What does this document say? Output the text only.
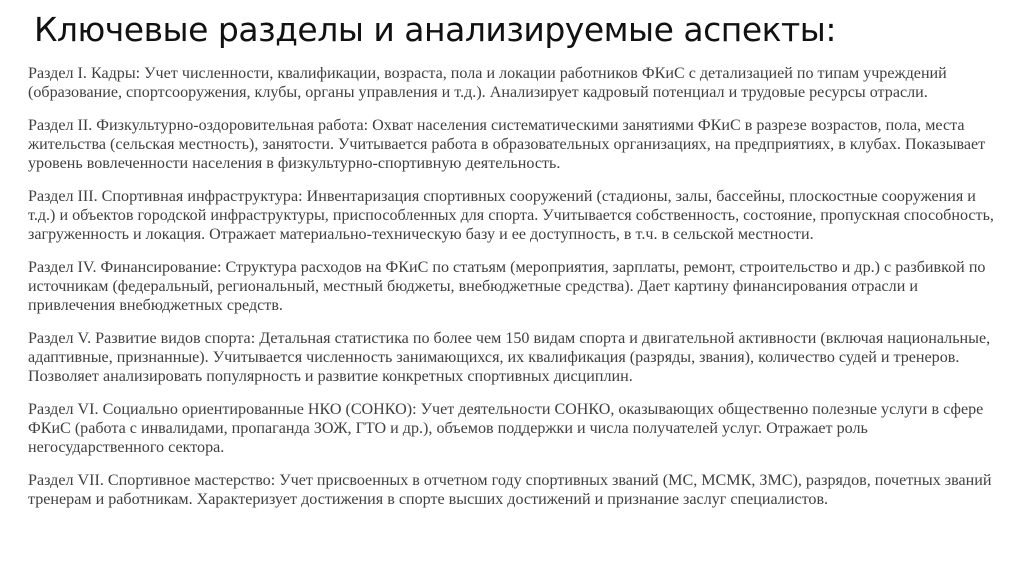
Ключевые разделы и анализируемые аспекты:

Раздел I. Кадры: Учет численности, квалификации, возраста, пола и локации работников ФКиС с детализацией по типам учреждений (образование, спортсооружения, клубы, органы управления и т.д.). Анализирует кадровый потенциал и трудовые ресурсы отрасли.

Раздел II. Физкультурно-оздоровительная работа: Охват населения систематическими занятиями ФКиС в разрезе возрастов, пола, места жительства (сельская местность), занятости. Учитывается работа в образовательных организациях, на предприятиях, в клубах. Показывает уровень вовлеченности населения в физкультурно-спортивную деятельность.

Раздел III. Спортивная инфраструктура: Инвентаризация спортивных сооружений (стадионы, залы, бассейны, плоскостные сооружения и т.д.) и объектов городской инфраструктуры, приспособленных для спорта. Учитывается собственность, состояние, пропускная способность, загруженность и локация. Отражает материально-техническую базу и ее доступность, в т.ч. в сельской местности.

Раздел IV. Финансирование: Структура расходов на ФКиС по статьям (мероприятия, зарплаты, ремонт, строительство и др.) с разбивкой по источникам (федеральный, региональный, местный бюджеты, внебюджетные средства). Дает картину финансирования отрасли и привлечения внебюджетных средств.

Раздел V. Развитие видов спорта: Детальная статистика по более чем 150 видам спорта и двигательной активности (включая национальные, адаптивные, признанные). Учитывается численность занимающихся, их квалификация (разряды, звания), количество судей и тренеров. Позволяет анализировать популярность и развитие конкретных спортивных дисциплин.

Раздел VI. Социально ориентированные НКО (СОНКО): Учет деятельности СОНКО, оказывающих общественно полезные услуги в сфере ФКиС (работа с инвалидами, пропаганда ЗОЖ, ГТО и др.), объемов поддержки и числа получателей услуг. Отражает роль негосударственного сектора.

Раздел VII. Спортивное мастерство: Учет присвоенных в отчетном году спортивных званий (МС, МСМК, ЗМС), разрядов, почетных званий тренерам и работникам. Характеризует достижения в спорте высших достижений и признание заслуг специалистов.
